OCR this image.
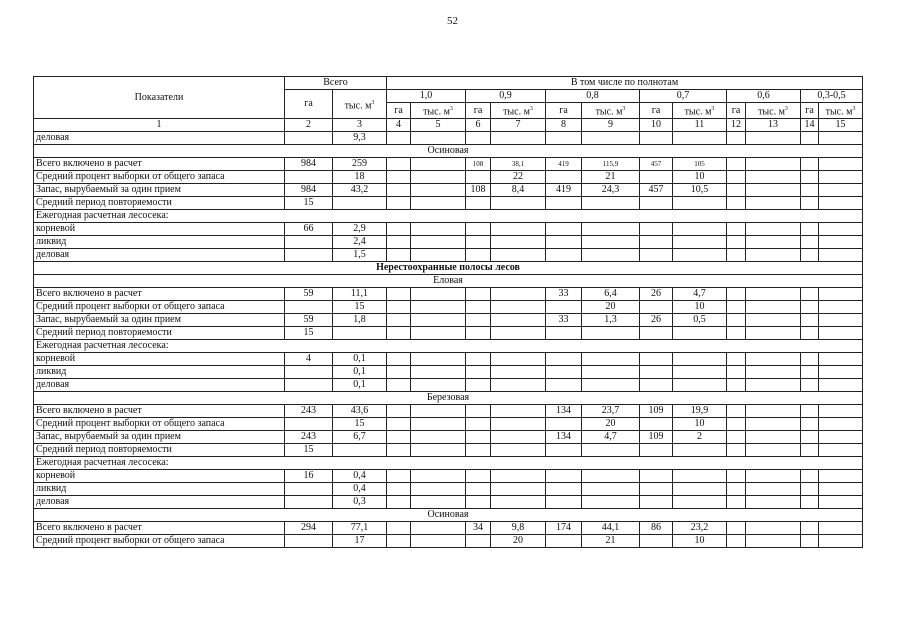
52
Показатели	Всего		В том числе по полнотам											
	га	тыс. $м^3$	1,0		0,9		0,8		0,7		0,6		0,3-0,5	
			га	тыс. $м^3$	га	тыс. $м^3$	га	тыс. $м^3$	га	тыс. $м^3$	га	тыс. $м^3$	га	тыс. $м^3$
1	2	3	4	5	6	7	8	9	10	11	12	13	14	15
деловая		9,3												
Осиновая														
Всего включено в расчет	984	259			108	38,1	419	115,9	457	105				
Средний процент выборки от общего запаса		18				22		21		10				
Запас, вырубаемый за один прием	984	43,2			108	8,4	419	24,3	457	10,5				
Средний период повторяемости	15													
Ежегодная расчетная лесосека:														
корневой	66	2,9												
ликвид		2,4												
деловая		1,5												
Нерестоохранные полосы лесов														
Еловая														
Всего включено в расчет	59	11,1					33	6,4	26	4,7				
Средний процент выборки от общего запаса		15						20		10				
Запас, вырубаемый за один прием	59	1,8					33	1,3	26	0,5				
Средний период повторяемости	15													
Ежегодная расчетная лесосека:														
корневой	4	0,1												
ликвид		0,1												
деловая		0,1												
Березовая														
Всего включено в расчет	243	43,6					134	23,7	109	19,9				
Средний процент выборки от общего запаса		15						20		10				
Запас, вырубаемый за один прием	243	6,7					134	4,7	109	2				
Средний период повторяемости	15													
Ежегодная расчетная лесосека:														
корневой	16	0,4												
ликвид		0,4												
деловая		0,3												
Осиновая														
Всего включено в расчет	294	77,1			34	9,8	174	44,1	86	23,2				
Средний процент выборки от общего запаса		17				20		21		10				
